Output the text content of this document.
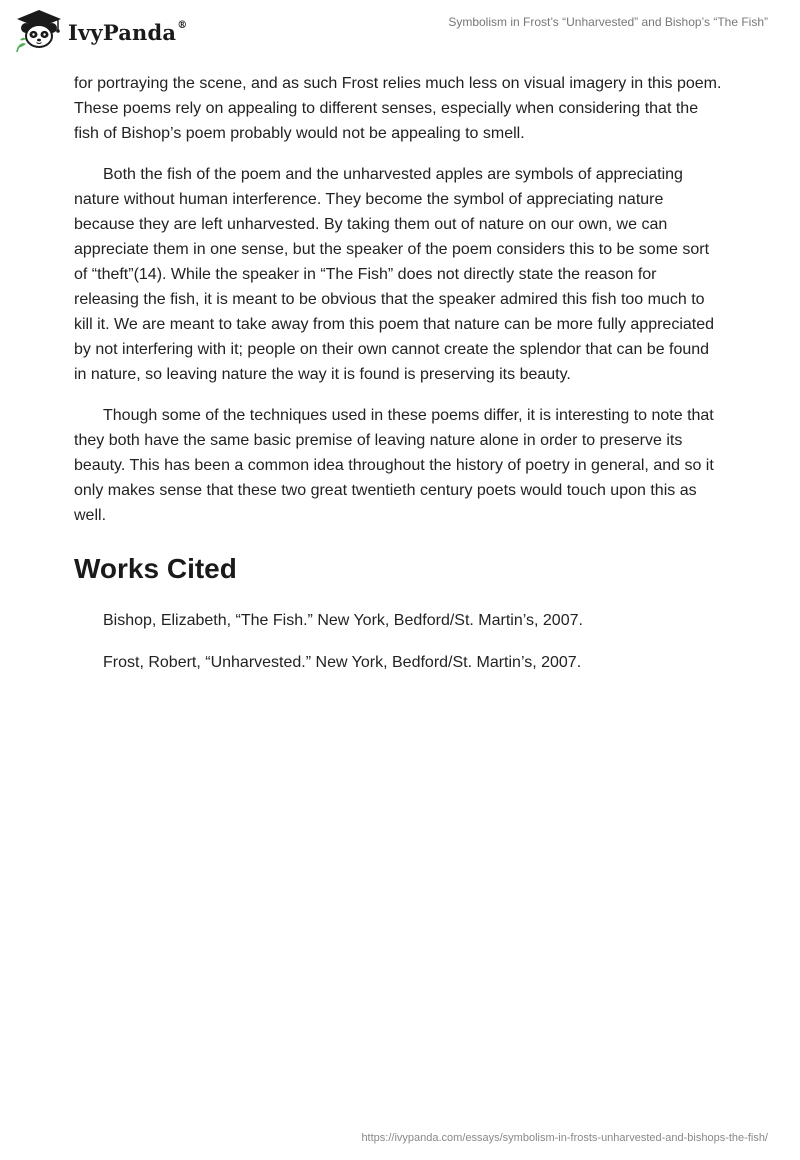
IvyPanda®	Symbolism in Frost’s “Unharvested” and Bishop’s “The Fish”

for portraying the scene, and as such Frost relies much less on visual imagery in this poem. These poems rely on appealing to different senses, especially when considering that the fish of Bishop’s poem probably would not be appealing to smell.

Both the fish of the poem and the unharvested apples are symbols of appreciating nature without human interference. They become the symbol of appreciating nature because they are left unharvested. By taking them out of nature on our own, we can appreciate them in one sense, but the speaker of the poem considers this to be some sort of “theft”(14). While the speaker in “The Fish” does not directly state the reason for releasing the fish, it is meant to be obvious that the speaker admired this fish too much to kill it. We are meant to take away from this poem that nature can be more fully appreciated by not interfering with it; people on their own cannot create the splendor that can be found in nature, so leaving nature the way it is found is preserving its beauty.

Though some of the techniques used in these poems differ, it is interesting to note that they both have the same basic premise of leaving nature alone in order to preserve its beauty. This has been a common idea throughout the history of poetry in general, and so it only makes sense that these two great twentieth century poets would touch upon this as well.

Works Cited

Bishop, Elizabeth, “The Fish.” New York, Bedford/St. Martin’s, 2007.

Frost, Robert, “Unharvested.” New York, Bedford/St. Martin’s, 2007.

https://ivypanda.com/essays/symbolism-in-frosts-unharvested-and-bishops-the-fish/
